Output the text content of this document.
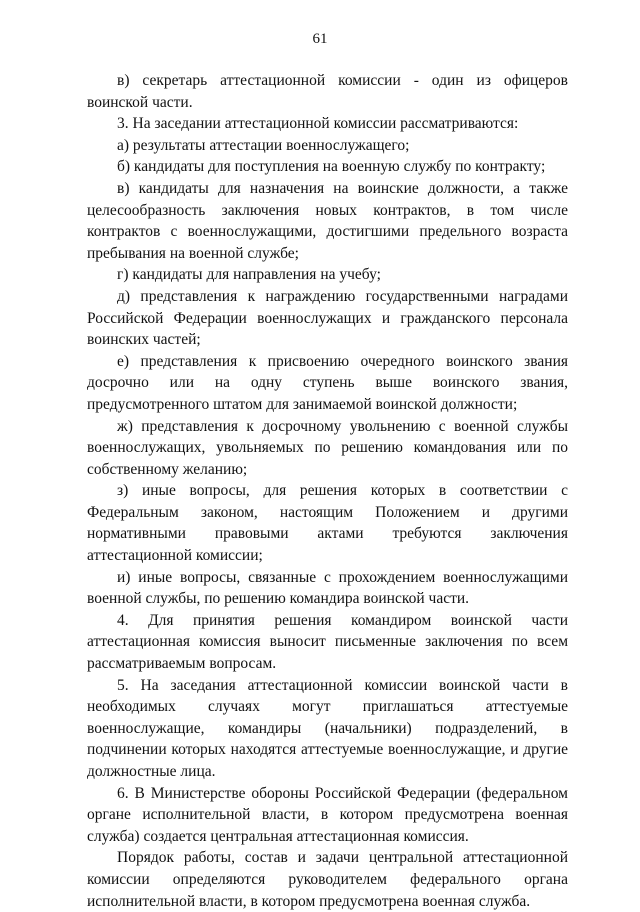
61

в) секретарь аттестационной комиссии - один из офицеров воинской части.

3. На заседании аттестационной комиссии рассматриваются:

а) результаты аттестации военнослужащего;

б) кандидаты для поступления на военную службу по контракту;

в) кандидаты для назначения на воинские должности, а также целесообразность заключения новых контрактов, в том числе контрактов с военнослужащими, достигшими предельного возраста пребывания на военной службе;

г) кандидаты для направления на учебу;

д) представления к награждению государственными наградами Российской Федерации военнослужащих и гражданского персонала воинских частей;

е) представления к присвоению очередного воинского звания досрочно или на одну ступень выше воинского звания, предусмотренного штатом для занимаемой воинской должности;

ж) представления к досрочному увольнению с военной службы военнослужащих, увольняемых по решению командования или по собственному желанию;

з) иные вопросы, для решения которых в соответствии с Федеральным законом, настоящим Положением и другими нормативными правовыми актами требуются заключения аттестационной комиссии;

и) иные вопросы, связанные с прохождением военнослужащими военной службы, по решению командира воинской части.

4. Для принятия решения командиром воинской части аттестационная комиссия выносит письменные заключения по всем рассматриваемым вопросам.

5. На заседания аттестационной комиссии воинской части в необходимых случаях могут приглашаться аттестуемые военнослужащие, командиры (начальники) подразделений, в подчинении которых находятся аттестуемые военнослужащие, и другие должностные лица.

6. В Министерстве обороны Российской Федерации (федеральном органе исполнительной власти, в котором предусмотрена военная служба) создается центральная аттестационная комиссия.

Порядок работы, состав и задачи центральной аттестационной комиссии определяются руководителем федерального органа исполнительной власти, в котором предусмотрена военная служба.
